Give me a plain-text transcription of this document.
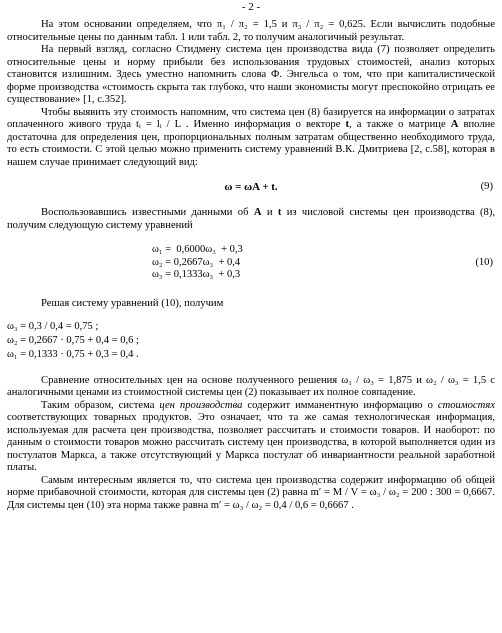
- 2 -

На этом основании определяем, что π₁ / π₂ = 1,5 и π₃ / π₂ = 0,625. Если вычислить подобные относительные цены по данным табл. 1 или табл. 2, то получим аналогичный результат.

На первый взгляд, согласно Стидмену система цен производства вида (7) позволяет определить относительные цены и норму прибыли без использования трудовых стоимостей, анализ которых становится излишним. Здесь уместно напомнить слова Ф. Энгельса о том, что при капиталистической форме производства «стоимость скрыта так глубоко, что наши экономисты могут преспокойно отрицать ее существование» [1, с.352].

Чтобы выявить эту стоимость напомним, что система цен (8) базируется на информации о затратах оплаченного живого труда tᵢ = lᵢ / L . Именно информация о векторе t, а также о матрице A вполне достаточна для определения цен, пропорциональных полным затратам общественно необходимого труда, то есть стоимости. С этой целью можно применить систему уравнений В.К. Дмитриева [2, с.58], которая в нашем случае принимает следующий вид:

ω = ωA + t.	(9)

Воспользовавшись известными данными об A и t из числовой системы цен производства (8), получим следующую систему уравнений

ω₁ =  0,6000ω₃  + 0,3
ω₂ = 0,2667ω₃  + 0,4
ω₃ = 0,1333ω₃  + 0,3
(10)

Решая систему уравнений (10), получим

ω₃ = 0,3 / 0,4 = 0,75 ;
ω₂ = 0,2667 · 0,75 + 0,4 = 0,6 ;
ω₁ = 0,1333 · 0,75 + 0,3 = 0,4 .

Сравнение относительных цен на основе полученного решения ω₁ / ω₃ = 1,875 и ω₂ / ω₃ = 1,5 с аналогичными ценами из стоимостной системы цен (2) показывает их полное совпадение.

Таким образом, система цен производства содержит имманентную информацию о стоимостях соответствующих товарных продуктов. Это означает, что та же самая технологическая информация, используемая для расчета цен производства, позволяет рассчитать и стоимости товаров. И наоборот: по данным о стоимости товаров можно рассчитать систему цен производства, в которой выполняется один из постулатов Маркса, а также отсутствующий у Маркса постулат об инвариантности реальной заработной платы.

Самым интересным является то, что система цен производства содержит информацию об общей норме прибавочной стоимости, которая для системы цен (2) равна m′ = M / V = ω₃ / ω₂ = 200 : 300 = 0,6667. Для системы цен (10) эта норма также равна m′ = ω₃ / ω₂ = 0,4 / 0,6 = 0,6667 .
